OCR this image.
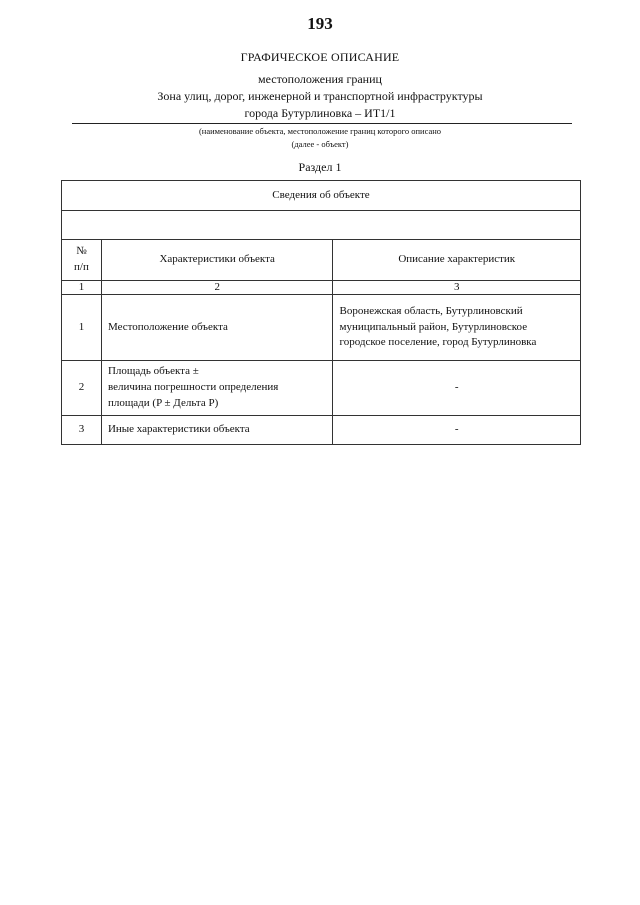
193
ГРАФИЧЕСКОЕ ОПИСАНИЕ
местоположения границ
Зона улиц, дорог, инженерной и транспортной инфраструктуры
города Бутурлиновка – ИТ1/1
(наименование объекта, местоположение границ которого описано
(далее - объект)
Раздел 1
Сведения об объекте		

№
п/п	Характеристики объекта	Описание характеристик
1	2	3
1	Местоположение объекта	Воронежская область, Бутурлиновский
муниципальный район, Бутурлиновское
городское поселение, город Бутурлиновка

2	Площадь объекта ±
величина погрешности определения
площади (P ± Дельта P)	-
3	Иные характеристики объекта	-
